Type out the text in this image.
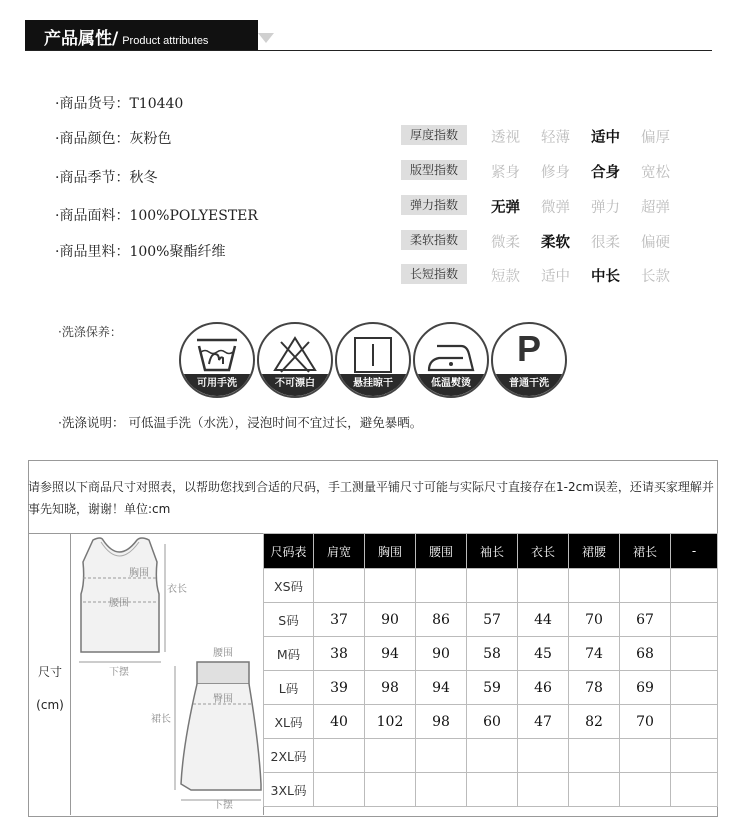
产品属性/ Product attributes
·商品货号：T10440
·商品颜色：灰粉色
·商品季节：秋冬
·商品面料：100%POLYESTER
·商品里料：100%聚酯纤维
厚度指数	透视 轻薄 适中 偏厚
版型指数	紧身 修身 合身 宽松
弹力指数	无弹 微弹 弹力 超弹
柔软指数	微柔 柔软 很柔 偏硬
长短指数	短款 适中 中长 长款
·洗涤保养：
可用手洗	不可漂白	悬挂晾干	低温熨烫
P
普通干洗
·洗涤说明： 可低温手洗（水洗），浸泡时间不宜过长，避免暴晒。
请参照以下商品尺寸对照表，以帮助您找到合适的尺码，手工测量平铺尺寸可能与实际尺寸直接存在1-2cm误差，还请买家理解并事先知晓，谢谢！单位:cm
尺寸
(cm)
胸围
腰围
衣长
下摆
腰围
臀围
裙长
下摆
尺码表	肩宽	胸围	腰围	袖长	衣长	裙腰	裙长	-
XS码								
S码	37	90	86	57	44	70	67	
M码	38	94	90	58	45	74	68	
L码	39	98	94	59	46	78	69	
XL码	40	102	98	60	47	82	70	
2XL码								
3XL码								
